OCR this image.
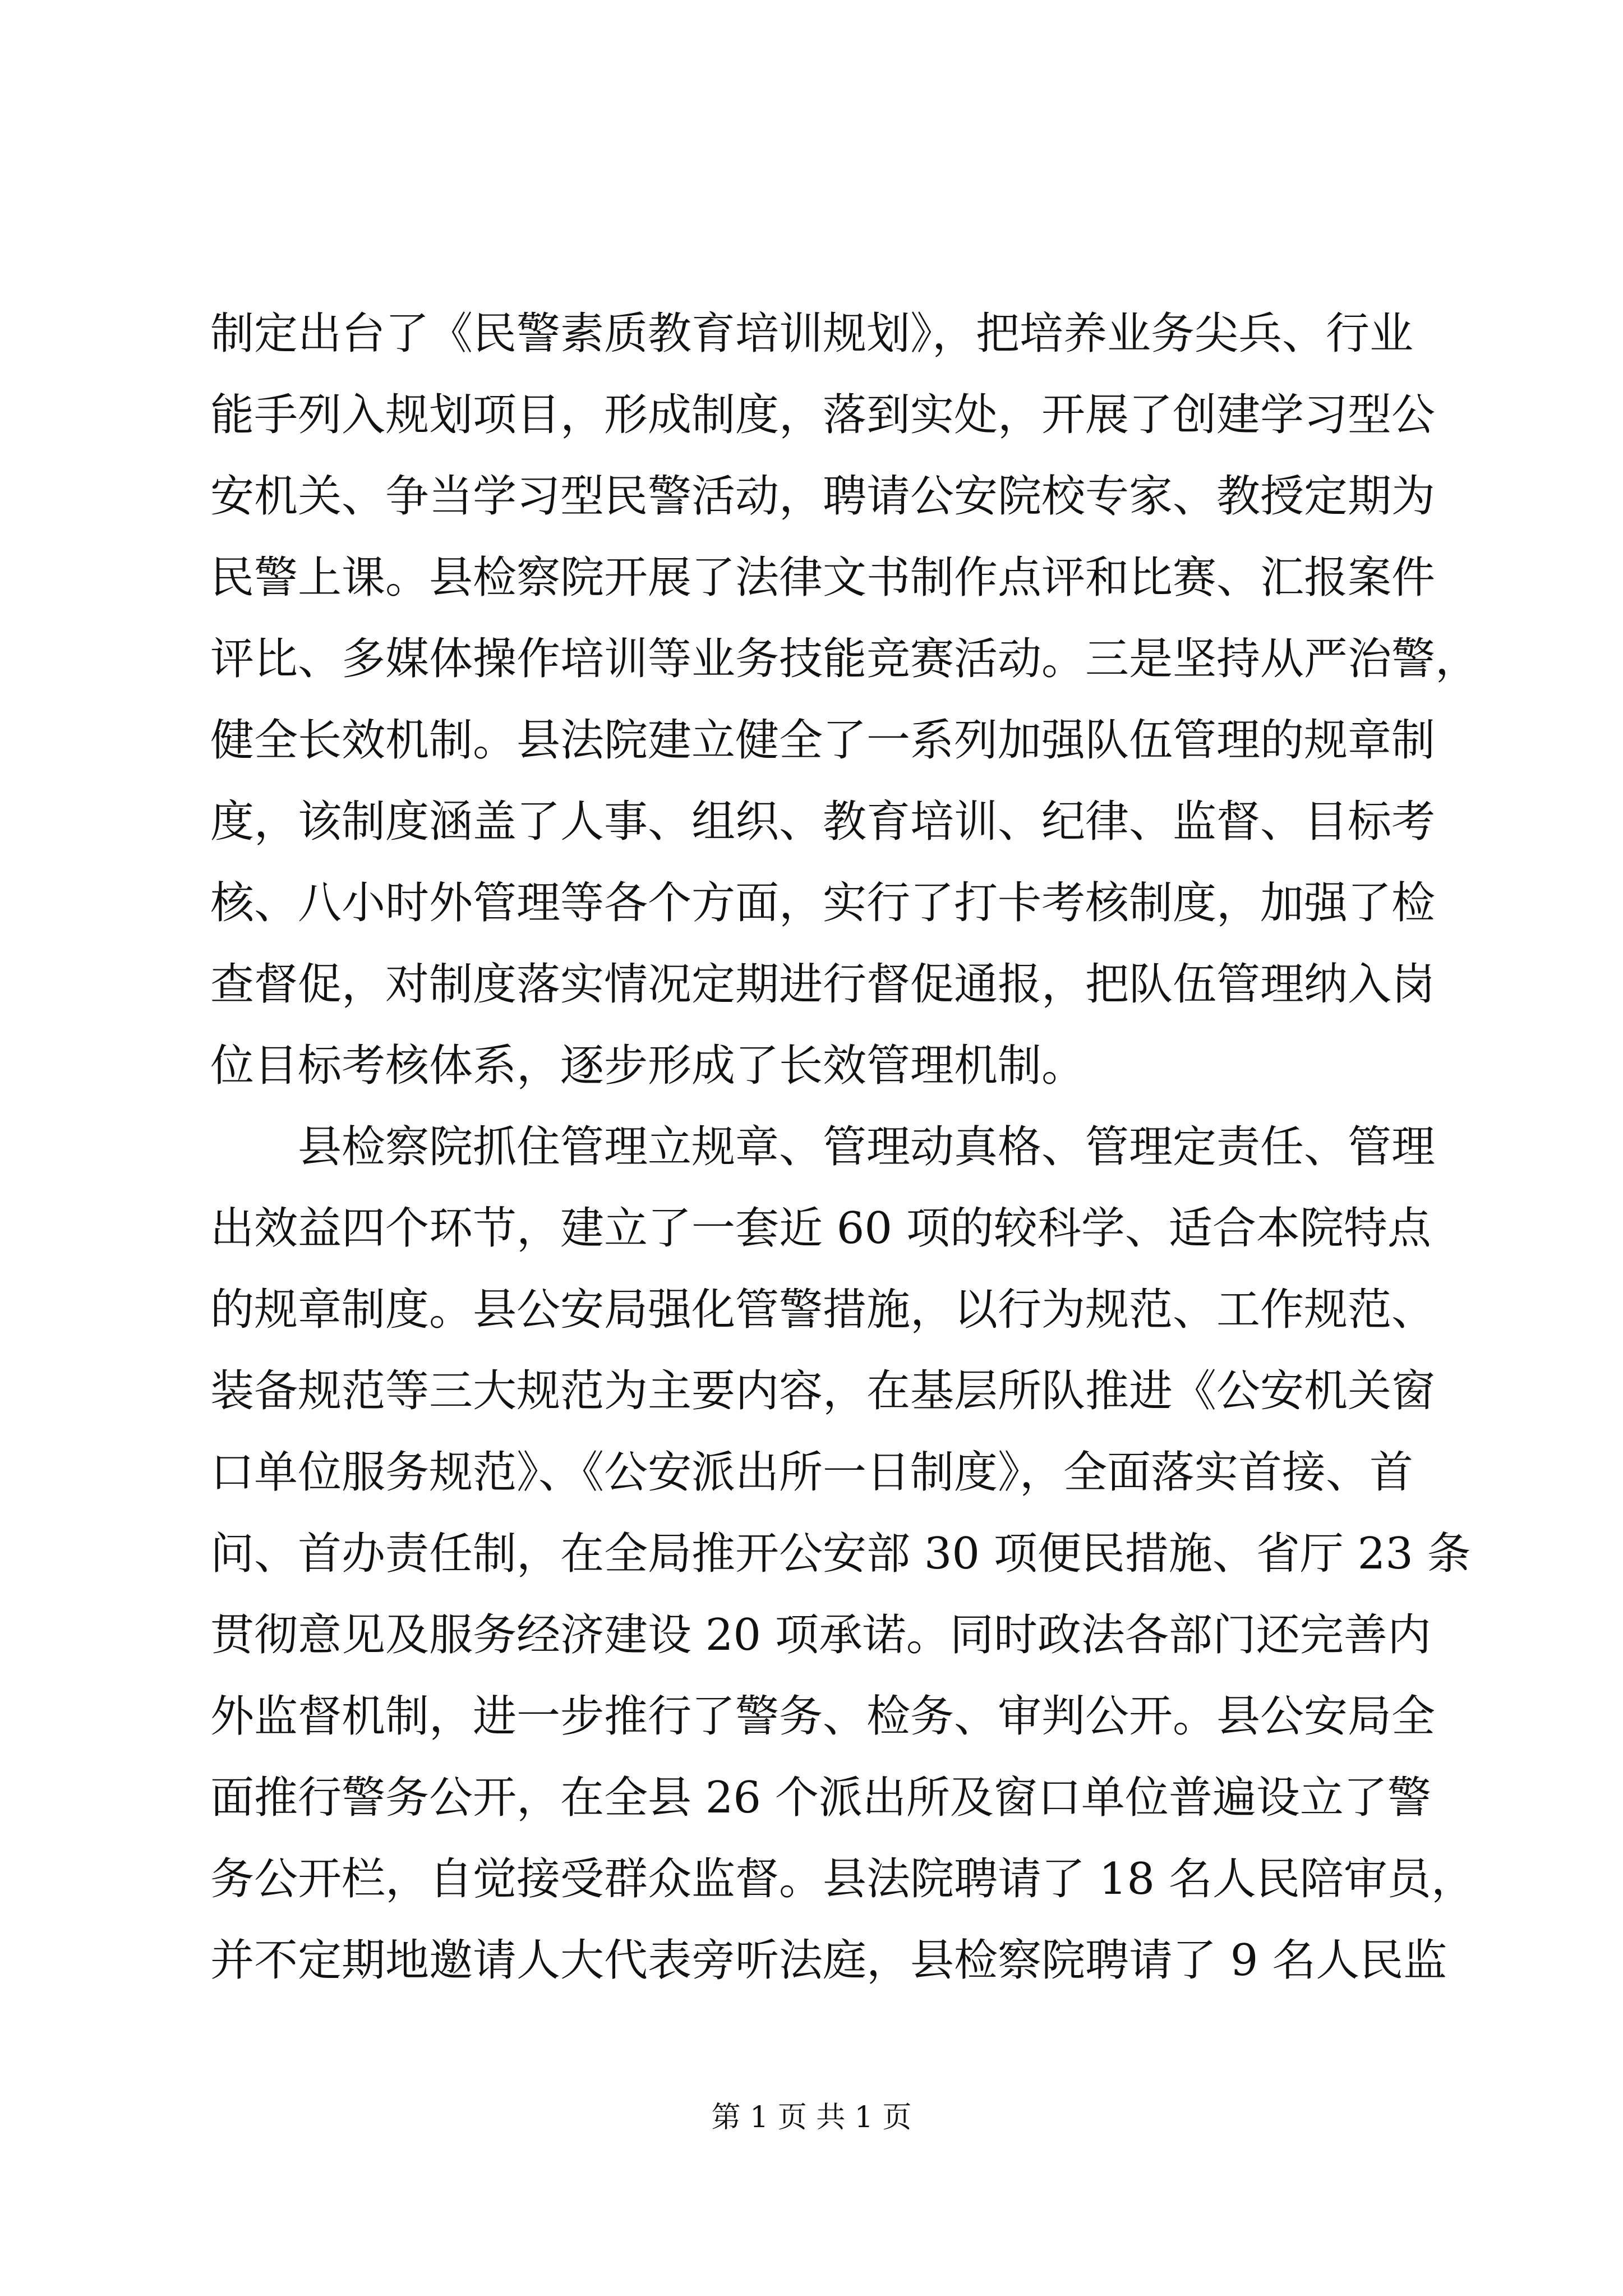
制定出台了《民警素质教育培训规划》，把培养业务尖兵、行业
能手列入规划项目，形成制度，落到实处，开展了创建学习型公
安机关、争当学习型民警活动，聘请公安院校专家、教授定期为
民警上课。县检察院开展了法律文书制作点评和比赛、汇报案件
评比、多媒体操作培训等业务技能竞赛活动。三是坚持从严治警，
健全长效机制。县法院建立健全了一系列加强队伍管理的规章制
度，该制度涵盖了人事、组织、教育培训、纪律、监督、目标考
核、八小时外管理等各个方面，实行了打卡考核制度，加强了检
查督促，对制度落实情况定期进行督促通报，把队伍管理纳入岗
位目标考核体系，逐步形成了长效管理机制。
　　县检察院抓住管理立规章、管理动真格、管理定责任、管理
出效益四个环节，建立了一套近 60 项的较科学、适合本院特点
的规章制度。县公安局强化管警措施，以行为规范、工作规范、
装备规范等三大规范为主要内容，在基层所队推进《公安机关窗
口单位服务规范》、《公安派出所一日制度》，全面落实首接、首
问、首办责任制，在全局推开公安部 30 项便民措施、省厅 23 条
贯彻意见及服务经济建设 20 项承诺。同时政法各部门还完善内
外监督机制，进一步推行了警务、检务、审判公开。县公安局全
面推行警务公开，在全县 26 个派出所及窗口单位普遍设立了警
务公开栏，自觉接受群众监督。县法院聘请了 18 名人民陪审员，
并不定期地邀请人大代表旁听法庭，县检察院聘请了 9 名人民监
第 1 页 共 1 页
